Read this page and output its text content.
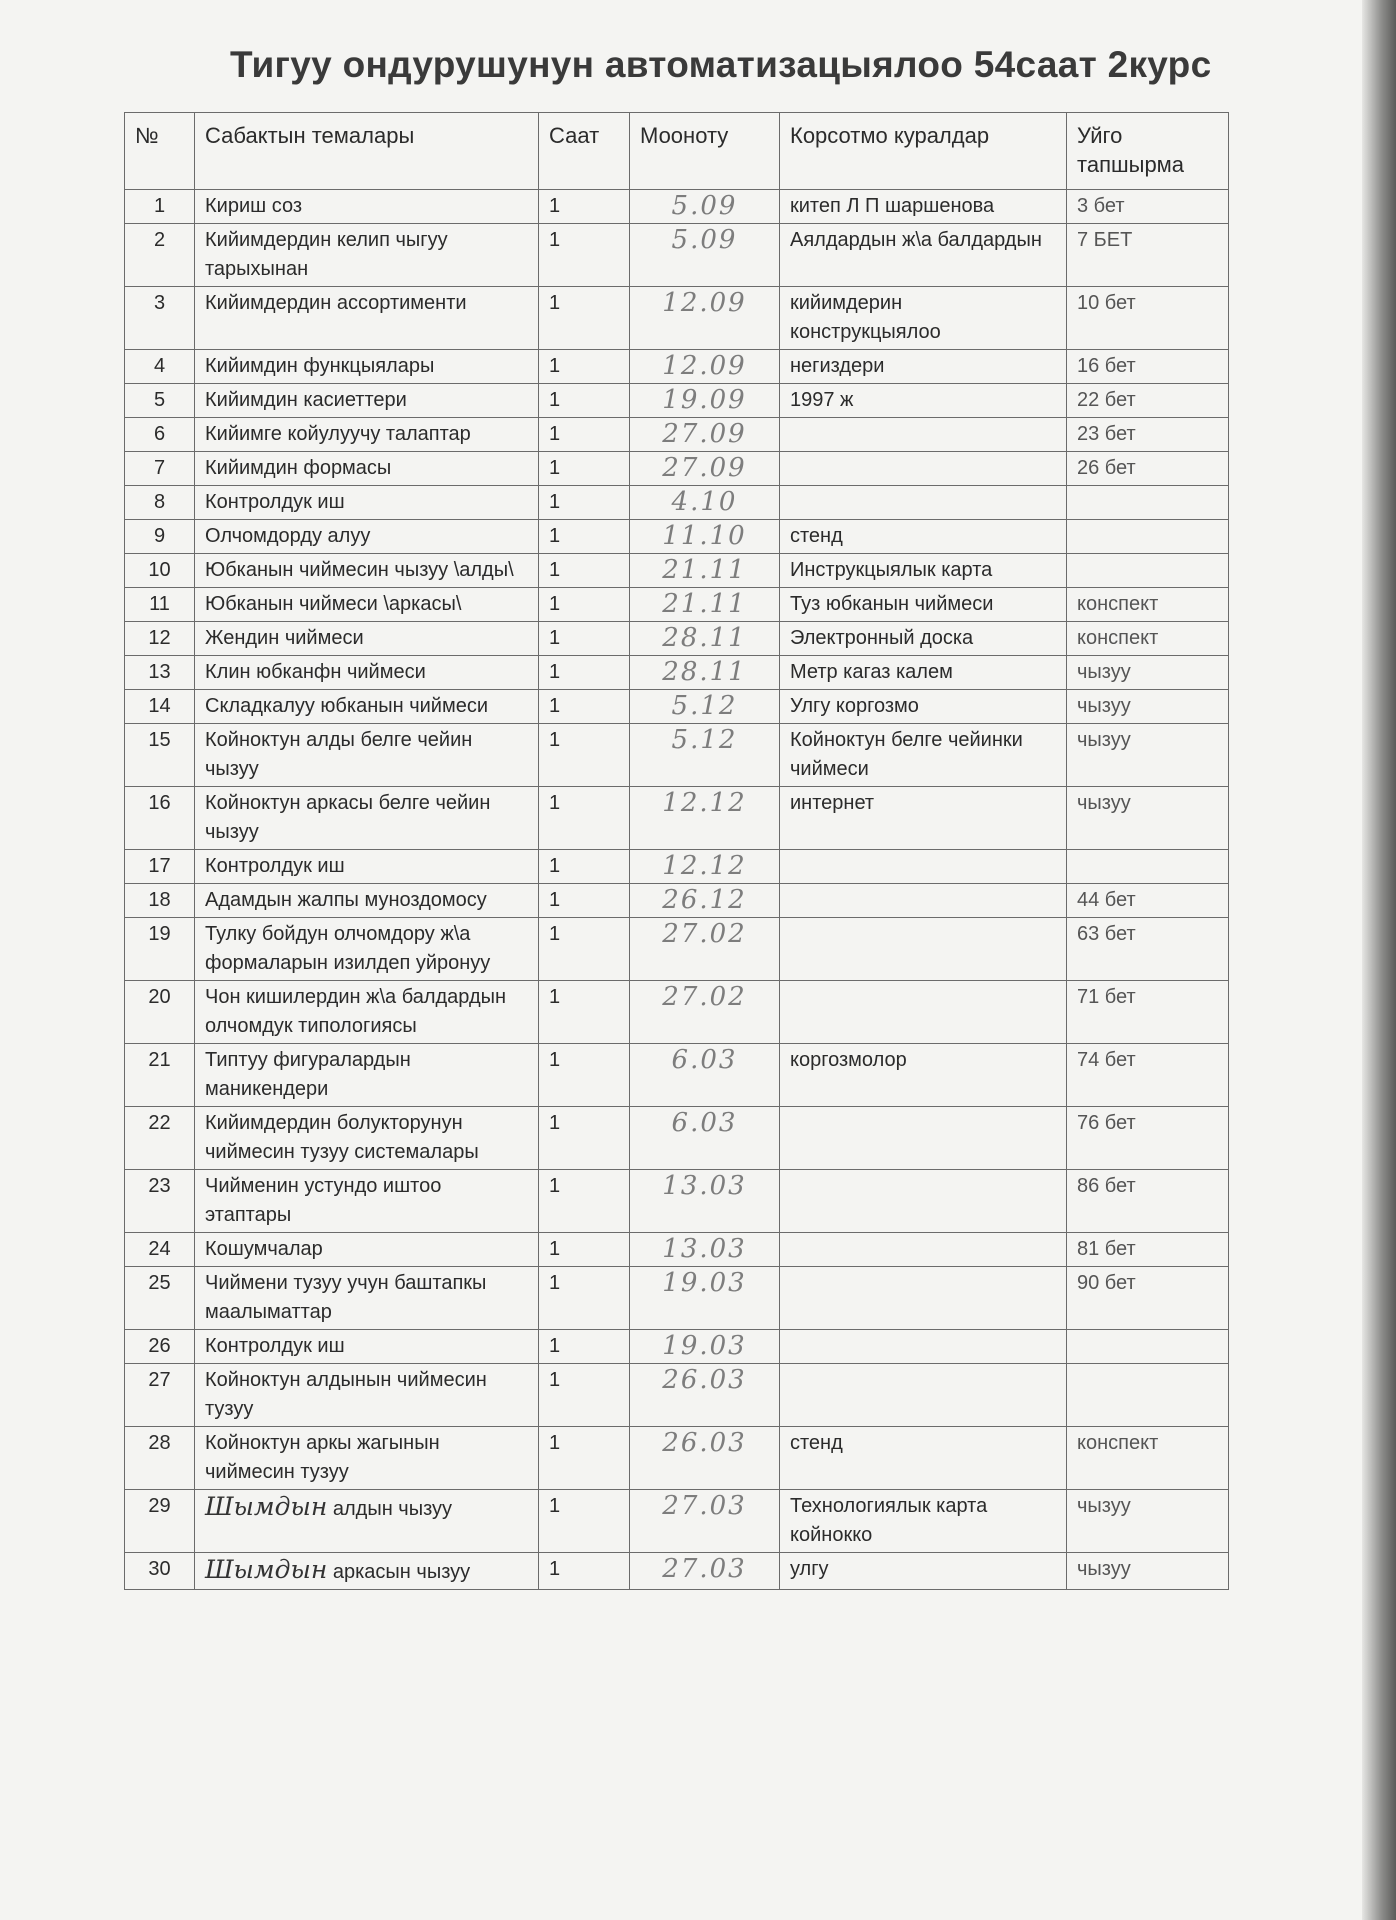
Тигуу ондурушунун автоматизацыялоо 54саат 2курс
№	Сабактын темалары	Саат	Мооноту	Корсотмо куралдар	Уйго тапшырма
1	Кириш соз	1	5.09	китеп Л П шаршенова	3 бет
2	Кийимдердин келип чыгуу тарыхынан	1	5.09	Аялдардын ж\а балдардын	7 БЕТ
3	Кийимдердин ассортименти	1	12.09	кийимдерин конструкцыялоо	10 бет
4	Кийимдин функцыялары	1	12.09	негиздери	16 бет
5	Кийимдин касиеттери	1	19.09	1997 ж	22 бет
6	Кийимге койулуучу талаптар	1	27.09		23 бет
7	Кийимдин формасы	1	27.09		26 бет
8	Контролдук иш	1	4.10		
9	Олчомдорду алуу	1	11.10	стенд	
10	Юбканын чиймесин чызуу \алды\	1	21.11	Инструкцыялык карта	
11	Юбканын чиймеси \аркасы\	1	21.11	Туз юбканын чиймеси	конспект
12	Жендин чиймеси	1	28.11	Электронный доска	конспект
13	Клин юбканфн чиймеси	1	28.11	Метр кагаз калем	чызуу
14	Складкалуу юбканын чиймеси	1	5.12	Улгу коргозмо	чызуу
15	Койноктун алды белге чейин чызуу	1	5.12	Койноктун белге чейинки чиймеси	чызуу
16	Койноктун аркасы белге чейин чызуу	1	12.12	интернет	чызуу
17	Контролдук иш	1	12.12		
18	Адамдын жалпы муноздомосу	1	26.12		44 бет
19	Тулку бойдун олчомдору ж\а формаларын изилдеп уйронуу	1	27.02		63 бет
20	Чон кишилердин ж\а балдардын олчомдук типологиясы	1	27.02		71 бет
21	Типтуу фигуралардын маникендери	1	6.03	коргозмолор	74 бет
22	Кийимдердин болукторунун чиймесин тузуу системалары	1	6.03		76 бет
23	Чийменин устундо иштоо этаптары	1	13.03		86 бет
24	Кошумчалар	1	13.03		81 бет
25	Чиймени тузуу учун баштапкы маалыматтар	1	19.03		90 бет
26	Контролдук иш	1	19.03		
27	Койноктун алдынын чиймесин тузуу	1	26.03		
28	Койноктун аркы жагынын чиймесин тузуу	1	26.03	стенд	конспект
29	Шымдын алдын чызуу	1	27.03	Технологиялык карта койнокко	чызуу
30	Шымдын аркасын чызуу	1	27.03	улгу	чызуу
